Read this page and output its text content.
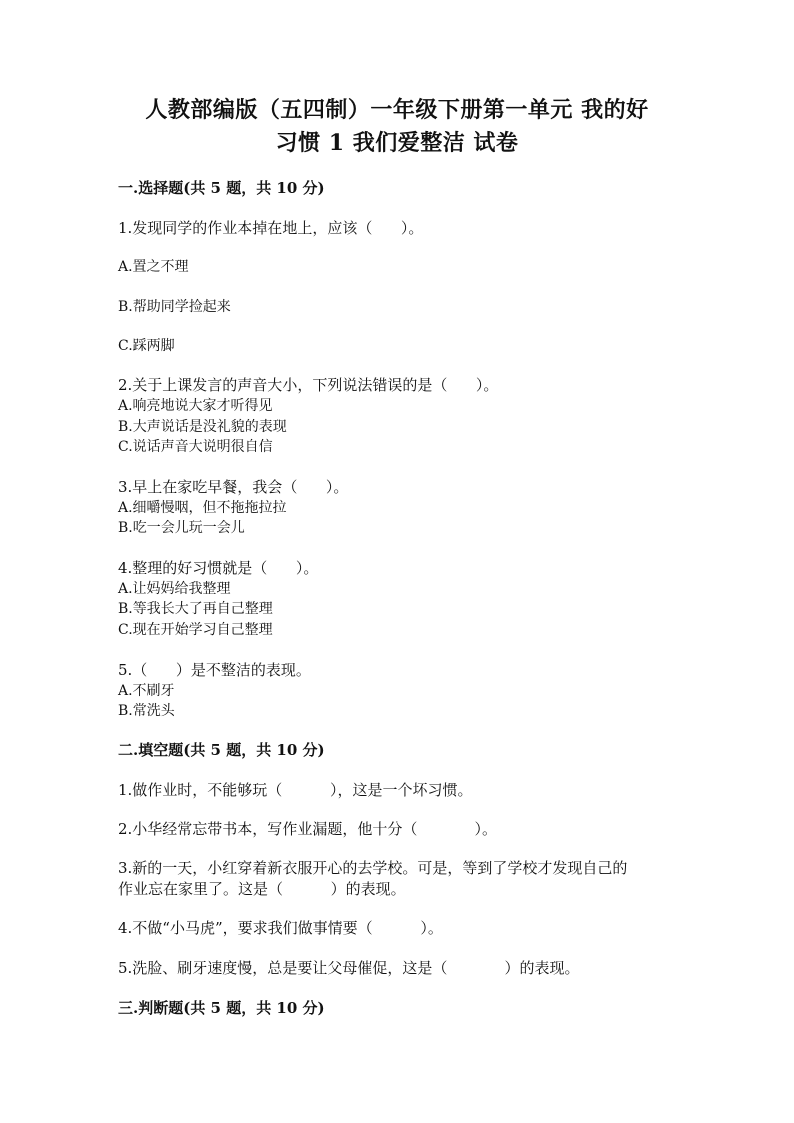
人教部编版（五四制）一年级下册第一单元 我的好
习惯 1 我们爱整洁 试卷
一.选择题(共 5 题，共 10 分)
1.发现同学的作业本掉在地上，应该（      ）。
A.置之不理
B.帮助同学捡起来
C.踩两脚
2.关于上课发言的声音大小，下列说法错误的是（      ）。
A.响亮地说大家才听得见
B.大声说话是没礼貌的表现
C.说话声音大说明很自信
3.早上在家吃早餐，我会（      ）。
A.细嚼慢咽，但不拖拖拉拉
B.吃一会儿玩一会儿
4.整理的好习惯就是（      ）。
A.让妈妈给我整理
B.等我长大了再自己整理
C.现在开始学习自己整理
5.（      ）是不整洁的表现。
A.不刷牙
B.常洗头
二.填空题(共 5 题，共 10 分)
1.做作业时，不能够玩（          ），这是一个坏习惯。
2.小华经常忘带书本，写作业漏题，他十分（            ）。
3.新的一天，小红穿着新衣服开心的去学校。可是，等到了学校才发现自己的
作业忘在家里了。这是（          ）的表现。
4.不做“小马虎”，要求我们做事情要（          ）。
5.洗脸、刷牙速度慢，总是要让父母催促，这是（            ）的表现。
三.判断题(共 5 题，共 10 分)
